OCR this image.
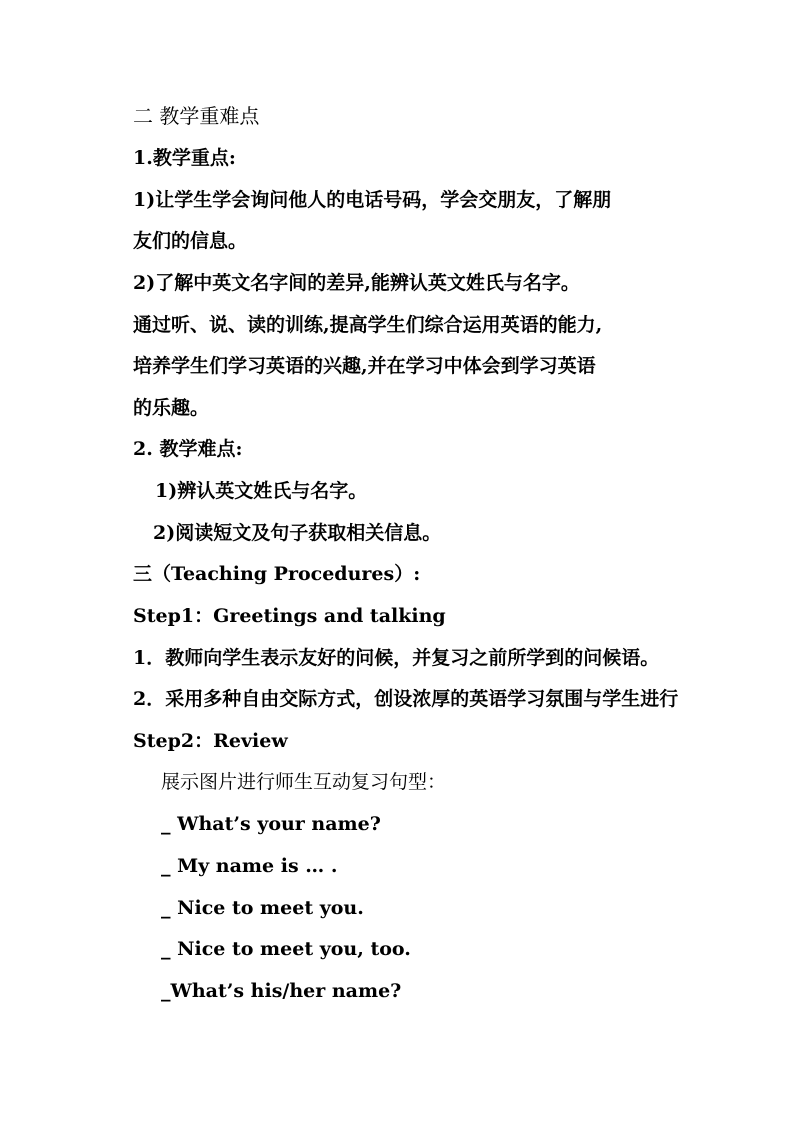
二 教学重难点
1.教学重点:
1)让学生学会询问他人的电话号码，学会交朋友，了解朋
友们的信息。
2)了解中英文名字间的差异,能辨认英文姓氏与名字。
通过听、说、读的训练,提高学生们综合运用英语的能力,
培养学生们学习英语的兴趣,并在学习中体会到学习英语
的乐趣。
2. 教学难点:
1)辨认英文姓氏与名字。
2)阅读短文及句子获取相关信息。
三（Teaching Procedures）:
Step1：Greetings and talking
1．教师向学生表示友好的问候，并复习之前所学到的问候语。
2．采用多种自由交际方式，创设浓厚的英语学习氛围与学生进行
Step2：Review
展示图片进行师生互动复习句型：
_ What’s your name?
_ My name is … .
_ Nice to meet you.
_ Nice to meet you, too.
_What’s his/her name?
